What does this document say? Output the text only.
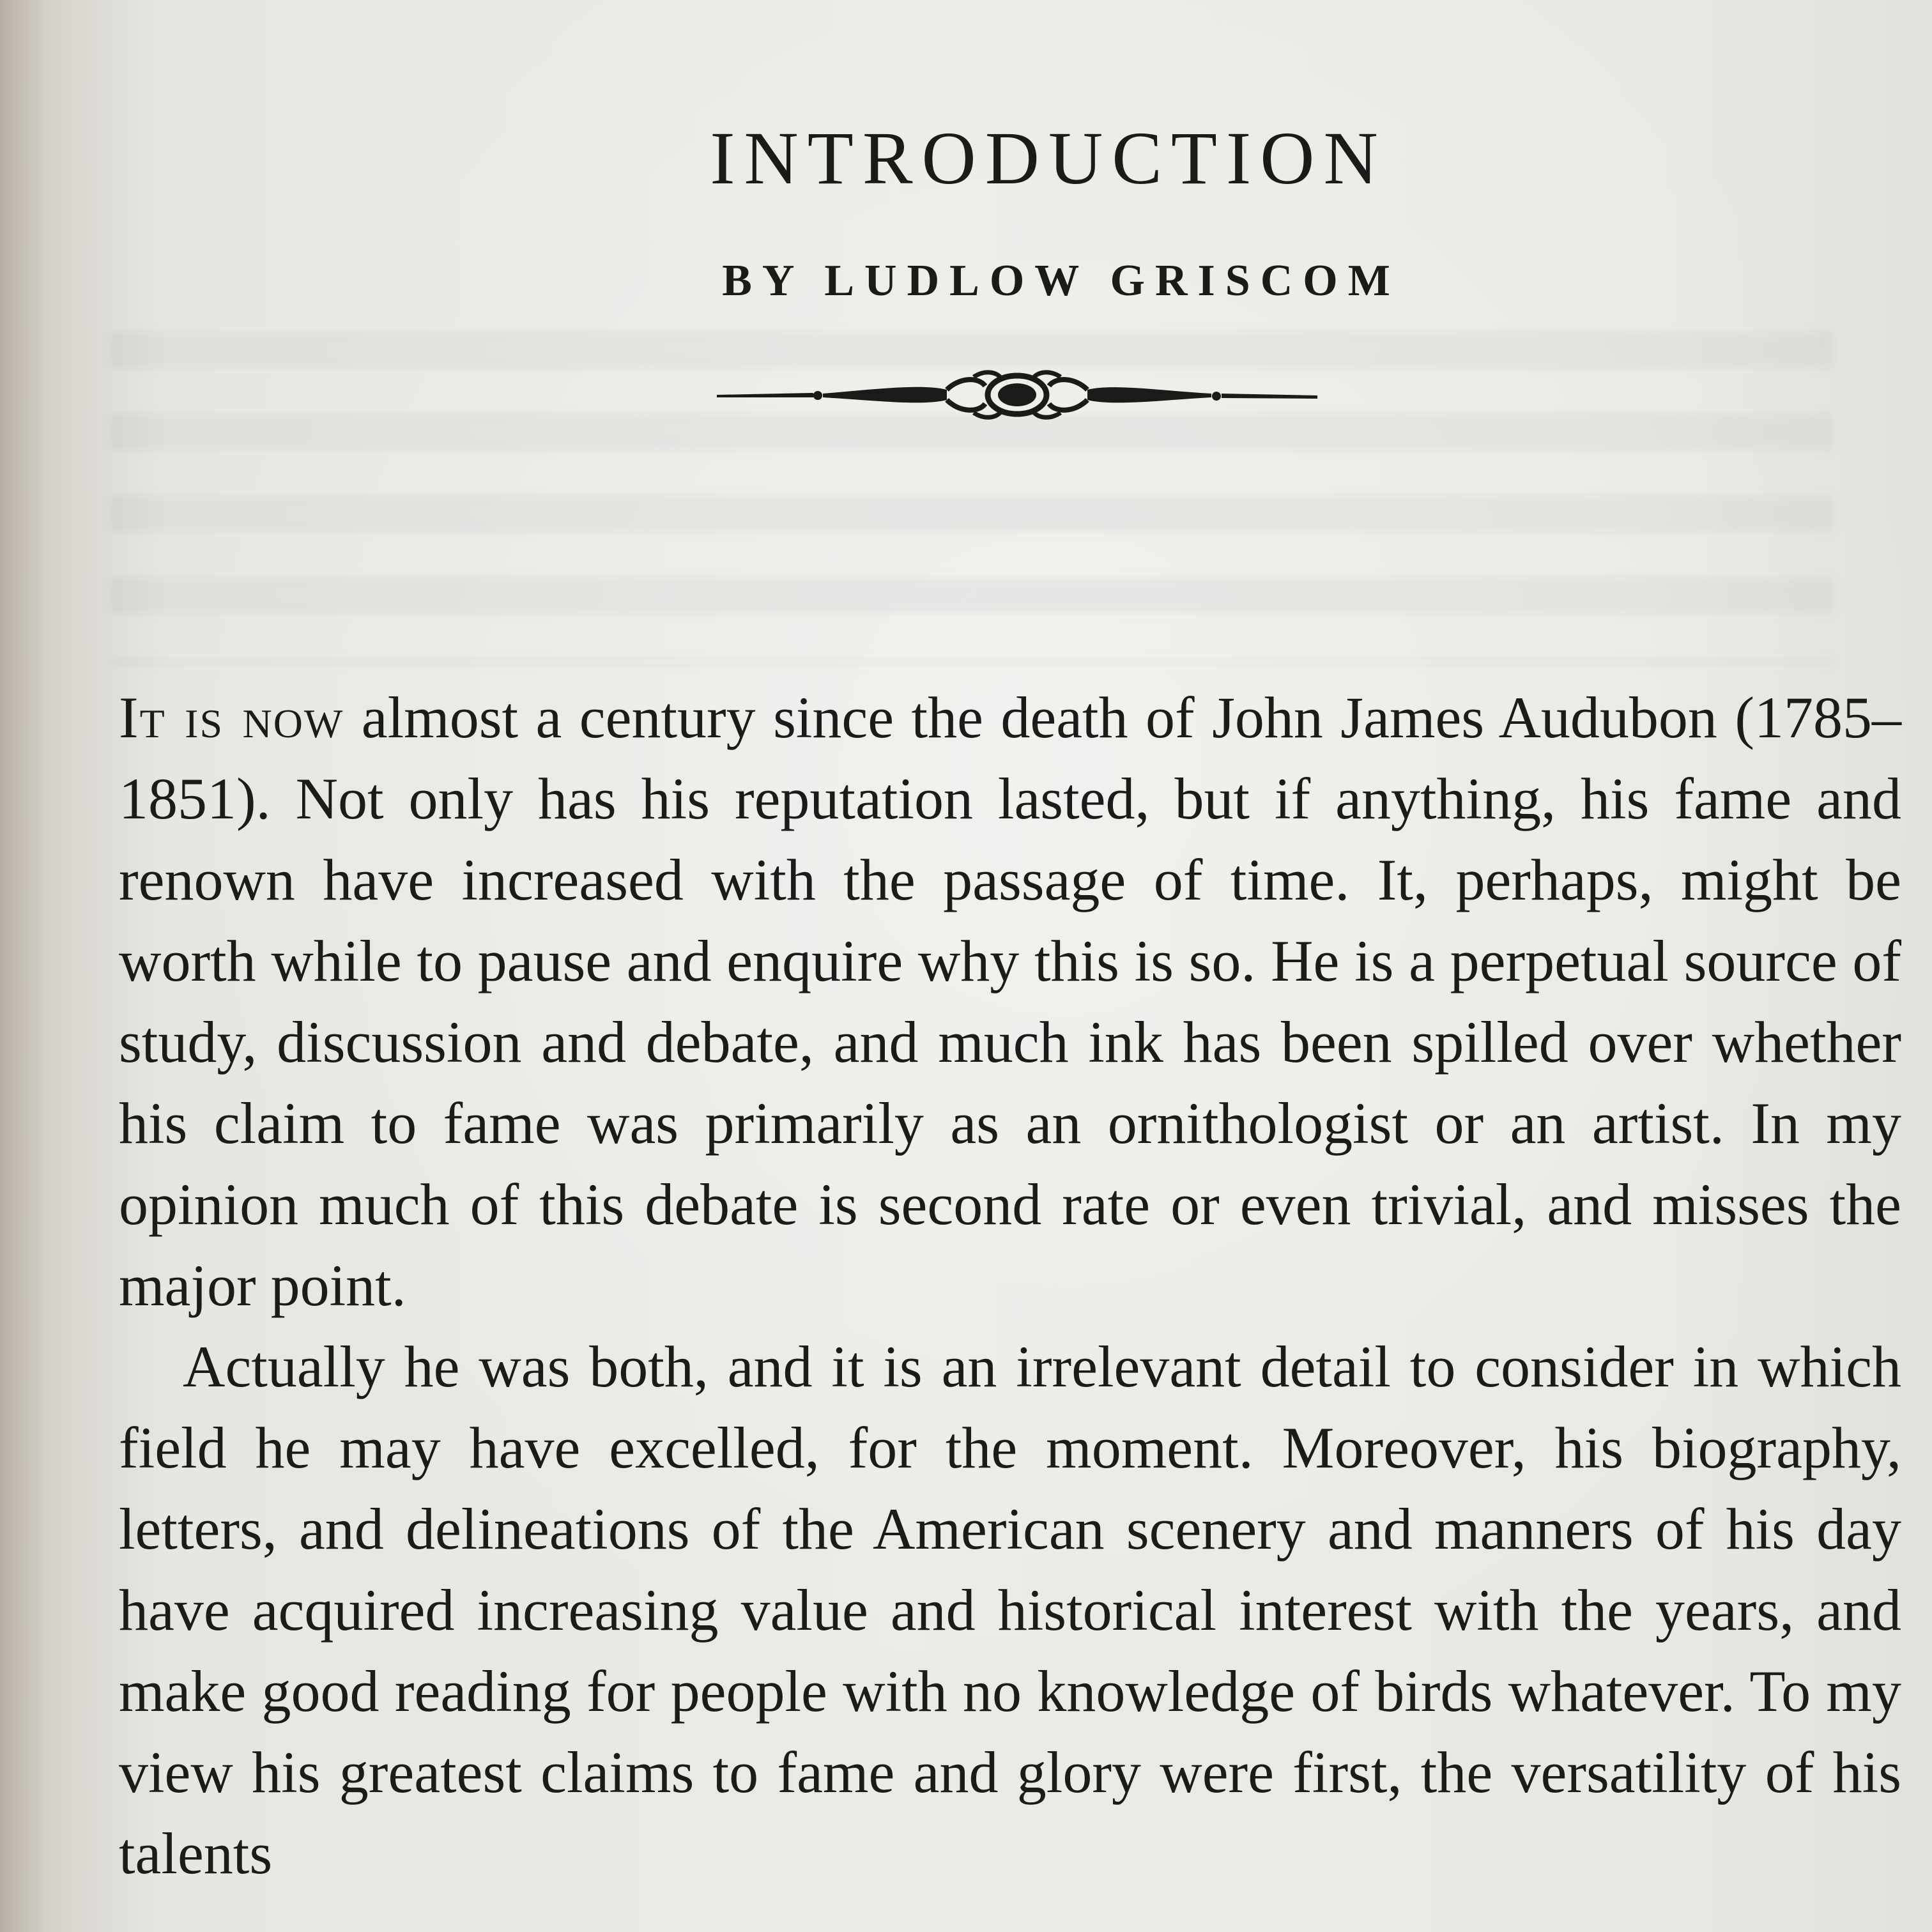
INTRODUCTION
BY LUDLOW GRISCOM

It is now almost a century since the death of John James Audubon (1785–1851). Not only has his reputation lasted, but if anything, his fame and renown have increased with the passage of time. It, perhaps, might be worth while to pause and enquire why this is so. He is a perpetual source of study, discussion and debate, and much ink has been spilled over whether his claim to fame was primarily as an ornithologist or an artist. In my opinion much of this debate is second rate or even trivial, and misses the major point.

Actually he was both, and it is an irrelevant detail to consider in which field he may have excelled, for the moment. Moreover, his biography, letters, and delineations of the American scenery and manners of his day have acquired increasing value and historical interest with the years, and make good reading for people with no knowledge of birds whatever. To my view his greatest claims to fame and glory were first, the versatility of his talents
